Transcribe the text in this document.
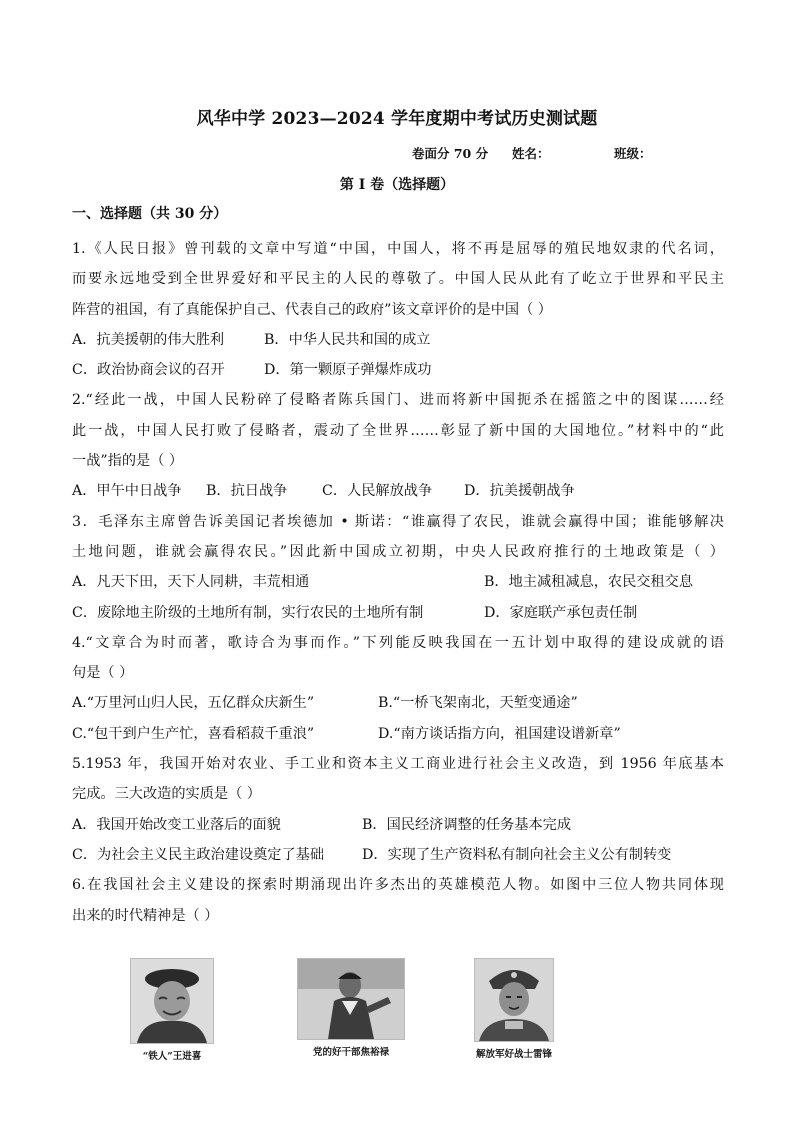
风华中学 2023—2024 学年度期中考试历史测试题
卷面分 70 分 姓名：	班级：
第 I 卷（选择题）
一、选择题（共 30 分）
1.《人民日报》曾刊载的文章中写道“中国，中国人，将不再是屈辱的殖民地奴隶的代名词，
而要永远地受到全世界爱好和平民主的人民的尊敬了。中国人民从此有了屹立于世界和平民主
阵营的祖国，有了真能保护自己、代表自己的政府”该文章评价的是中国（ ）
A．抗美援朝的伟大胜利	B．中华人民共和国的成立
C．政治协商会议的召开	D．第一颗原子弹爆炸成功
2.“经此一战，中国人民粉碎了侵略者陈兵国门、进而将新中国扼杀在摇篮之中的图谋……经
此一战，中国人民打败了侵略者，震动了全世界……彰显了新中国的大国地位。”材料中的“此
一战”指的是（ ）
A．甲午中日战争 B．抗日战争 C．人民解放战争 D．抗美援朝战争
3．毛泽东主席曾告诉美国记者埃德加 • 斯诺：“谁赢得了农民，谁就会赢得中国；谁能够解决
土地问题，谁就会赢得农民。”因此新中国成立初期，中央人民政府推行的土地政策是（ ）
A．凡天下田，天下人同耕，丰荒相通	B．地主减租减息，农民交租交息
C．废除地主阶级的土地所有制，实行农民的土地所有制	D．家庭联产承包责任制
4.“文章合为时而著，歌诗合为事而作。”下列能反映我国在一五计划中取得的建设成就的语
句是（ ）
A.“万里河山归人民，五亿群众庆新生”	B.“一桥飞架南北，天堑变通途”
C.“包干到户生产忙，喜看稻菽千重浪”	D.“南方谈话指方向，祖国建设谱新章”
5.1953 年，我国开始对农业、手工业和资本主义工商业进行社会主义改造，到 1956 年底基本
完成。三大改造的实质是（ ）
A．我国开始改变工业落后的面貌	B．国民经济调整的任务基本完成
C．为社会主义民主政治建设奠定了基础	D．实现了生产资料私有制向社会主义公有制转变
6.在我国社会主义建设的探索时期涌现出许多杰出的英雄模范人物。如图中三位人物共同体现
出来的时代精神是（ ）
“铁人”王进喜	党的好干部焦裕禄	解放军好战士雷锋
